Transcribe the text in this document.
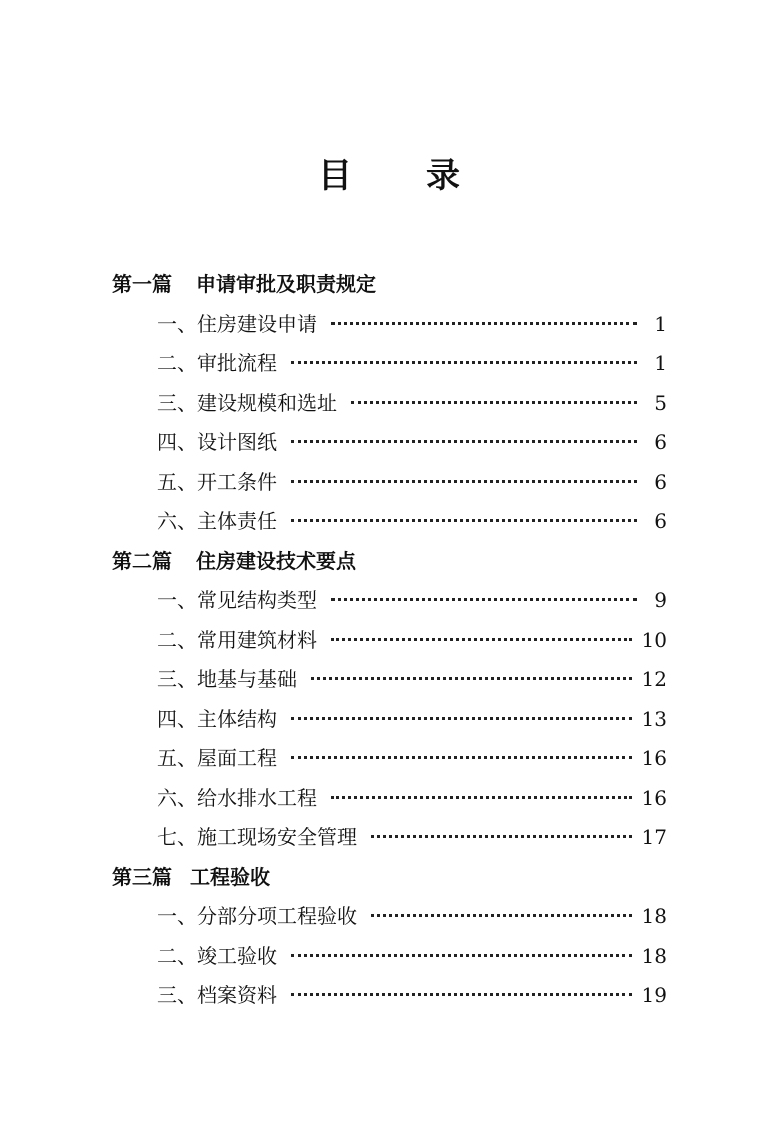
目 录
第一篇 申请审批及职责规定
一、住房建设申请	1
二、审批流程	1
三、建设规模和选址	5
四、设计图纸	6
五、开工条件	6
六、主体责任	6
第二篇 住房建设技术要点
一、常见结构类型	9
二、常用建筑材料	10
三、地基与基础	12
四、主体结构	13
五、屋面工程	16
六、给水排水工程	16
七、施工现场安全管理	17
第三篇 工程验收
一、分部分项工程验收	18
二、竣工验收	18
三、档案资料	19
